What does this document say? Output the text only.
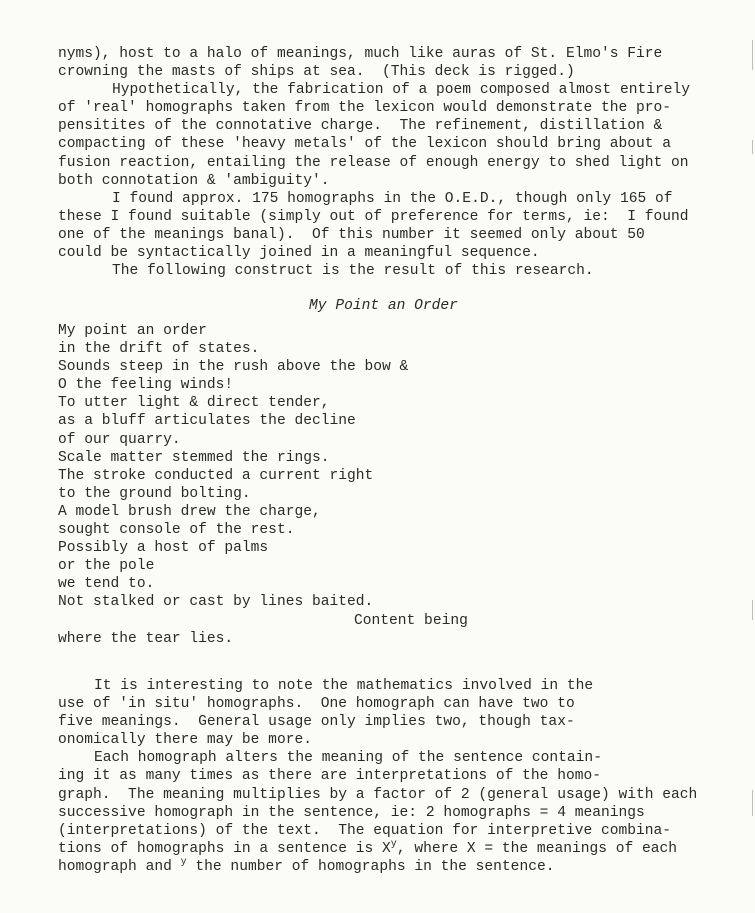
nyms), host to a halo of meanings, much like auras of St. Elmo's Fire
crowning the masts of ships at sea.  (This deck is rigged.)
Hypothetically, the fabrication of a poem composed almost entirely
of 'real' homographs taken from the lexicon would demonstrate the pro-
pensitites of the connotative charge.  The refinement, distillation &
compacting of these 'heavy metals' of the lexicon should bring about a
fusion reaction, entailing the release of enough energy to shed light on
both connotation & 'ambiguity'.
I found approx. 175 homographs in the O.E.D., though only 165 of
these I found suitable (simply out of preference for terms, ie:  I found
one of the meanings banal).  Of this number it seemed only about 50
could be syntactically joined in a meaningful sequence.
The following construct is the result of this research.
My Point an Order
My point an order
in the drift of states.
Sounds steep in the rush above the bow &
O the feeling winds!
To utter light & direct tender,
as a bluff articulates the decline
of our quarry.
Scale matter stemmed the rings.
The stroke conducted a current right
to the ground bolting.
A model brush drew the charge,
sought console of the rest.
Possibly a host of palms
or the pole
we tend to.
Not stalked or cast by lines baited.
Content being
where the tear lies.
It is interesting to note the mathematics involved in the
use of 'in situ' homographs.  One homograph can have two to
five meanings.  General usage only implies two, though tax-
onomically there may be more.
Each homograph alters the meaning of the sentence contain-
ing it as many times as there are interpretations of the homo-
graph.  The meaning multiplies by a factor of 2 (general usage) with each
successive homograph in the sentence, ie: 2 homographs = 4 meanings
(interpretations) of the text.  The equation for interpretive combina-
tions of homographs in a sentence is $X^y$, where X = the meanings of each
homograph and $^y$ the number of homographs in the sentence.
